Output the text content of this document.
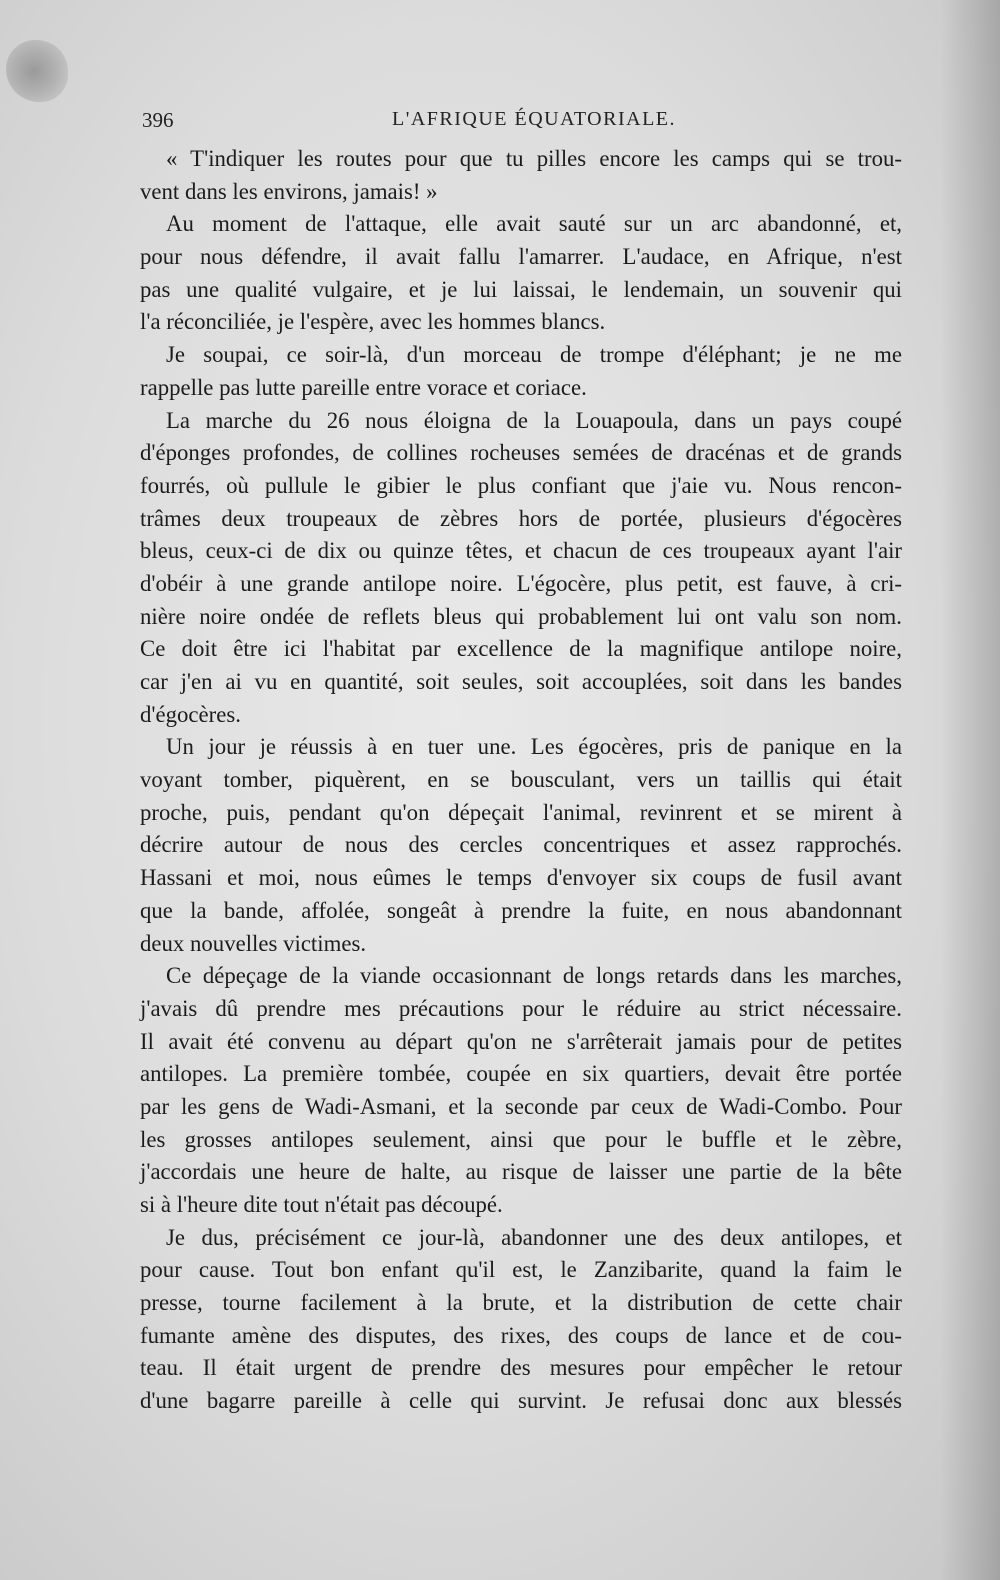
396	L'AFRIQUE ÉQUATORIALE.
« T'indiquer les routes pour que tu pilles encore les camps qui se trou-
vent dans les environs, jamais! »
Au moment de l'attaque, elle avait sauté sur un arc abandonné, et,
pour nous défendre, il avait fallu l'amarrer. L'audace, en Afrique, n'est
pas une qualité vulgaire, et je lui laissai, le lendemain, un souvenir qui
l'a réconciliée, je l'espère, avec les hommes blancs.
Je soupai, ce soir-là, d'un morceau de trompe d'éléphant; je ne me
rappelle pas lutte pareille entre vorace et coriace.
La marche du 26 nous éloigna de la Louapoula, dans un pays coupé
d'éponges profondes, de collines rocheuses semées de dracénas et de grands
fourrés, où pullule le gibier le plus confiant que j'aie vu. Nous rencon-
trâmes deux troupeaux de zèbres hors de portée, plusieurs d'égocères
bleus, ceux-ci de dix ou quinze têtes, et chacun de ces troupeaux ayant l'air
d'obéir à une grande antilope noire. L'égocère, plus petit, est fauve, à cri-
nière noire ondée de reflets bleus qui probablement lui ont valu son nom.
Ce doit être ici l'habitat par excellence de la magnifique antilope noire,
car j'en ai vu en quantité, soit seules, soit accouplées, soit dans les bandes
d'égocères.
Un jour je réussis à en tuer une. Les égocères, pris de panique en la
voyant tomber, piquèrent, en se bousculant, vers un taillis qui était
proche, puis, pendant qu'on dépeçait l'animal, revinrent et se mirent à
décrire autour de nous des cercles concentriques et assez rapprochés.
Hassani et moi, nous eûmes le temps d'envoyer six coups de fusil avant
que la bande, affolée, songeât à prendre la fuite, en nous abandonnant
deux nouvelles victimes.
Ce dépeçage de la viande occasionnant de longs retards dans les marches,
j'avais dû prendre mes précautions pour le réduire au strict nécessaire.
Il avait été convenu au départ qu'on ne s'arrêterait jamais pour de petites
antilopes. La première tombée, coupée en six quartiers, devait être portée
par les gens de Wadi-Asmani, et la seconde par ceux de Wadi-Combo. Pour
les grosses antilopes seulement, ainsi que pour le buffle et le zèbre,
j'accordais une heure de halte, au risque de laisser une partie de la bête
si à l'heure dite tout n'était pas découpé.
Je dus, précisément ce jour-là, abandonner une des deux antilopes, et
pour cause. Tout bon enfant qu'il est, le Zanzibarite, quand la faim le
presse, tourne facilement à la brute, et la distribution de cette chair
fumante amène des disputes, des rixes, des coups de lance et de cou-
teau. Il était urgent de prendre des mesures pour empêcher le retour
d'une bagarre pareille à celle qui survint. Je refusai donc aux blessés
